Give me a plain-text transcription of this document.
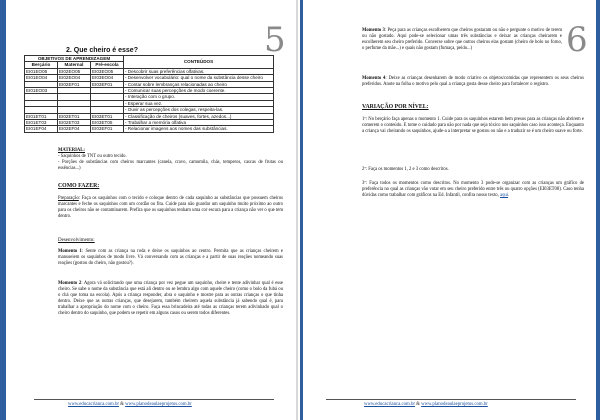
5
2. Que cheiro é esse?
OBJETIVOS DE APRENDIZAGEM			CONTEÚDOS
Berçário	Maternal	Pré-escola	
EI01EO05	EI02EO05	EI03EO05	- Descobrir suas preferências olfativas.
EI01EO04	EI02EO04	EI03EO04	- Desenvolver vocabulário: qual o nome da substância desse cheiro
	EI02EF01	EI03EF01	- Contar sobre lembranças relacionadas ao cheiro
EI01EO03			- Comunicar suas percepções de modo coerente.
			- Interação com o grupo.
			- Esperar sua vez.
			- Ouvir as percepções dos colegas, respeita-las.
EI01ET01	EI02ET01	EI03ET01	- Classificação de cheiros (suaves, fortes, azedos...)
EI01ET03	EI02ET03	EI03ET05	- Trabalhar a memória olfativa
EI01EF04	EI02EF04	EI03EF01	- Relacionar imagens aos nomes das substâncias.
MATERIAL:
- Saquinhos de TNT ou outro tecido.
- Porções de substâncias com cheiros marcantes (canela, cravo, camomila, chás, temperos, cascas de frutas ou essências...)
COMO FAZER:
Preparação: Faça os saquinhos com o tecido e coloque dentro de cada saquinho as substâncias que possuem cheiros marcantes e feche os saquinhos com um cordão ou fita. Cuide para não guardar um saquinho muito próximo ao outro para os cheiros não se contaminarem. Prefira que os saquinhos tenham uma cor escura para a criança não ver o que tem dentro.
Desenvolvimento:
Momento 1: Sente com as criança na roda e deixe os saquinhos ao centro. Permita que as crianças cheirem e manuseiem os saquinhos de modo livre. Vá conversando com as crianças e a partir de suas reações nomeando suas reações (gostou do cheiro, não gostou?).
Momento 2: Agora vá solicitando que uma criança por vez pegue um saquinho, cheire e tente adivinhar qual é esse cheiro. Se sabe o nome da substância que está ali dentro ou se lembra algo com aquele cheiro (como o bolo da fubá ou o chá que toma na escola). Após a criança responder, abra o saquinho e mostre para as outras crianças o que tinha dentro. Deixe que as outras crianças, que desejarem, também cheirem aquela substância já sabendo qual é, para trabalhar a apropriação do nome com o cheiro. Faça essa brincadeira até todas as crianças terem adivinhado qual o cheiro dentro do saquinho, que podem se repetir em alguns casos ou serem todos diferentes.
www.educacrianca.com.br & www.planodeaulaeprojetos.com.br
6
Momento 3: Peça para as crianças escolherem que cheiros gostaram ou não e pergunte o motivo de terem ou não gostado. Aqui pode-se selecionar umas três substâncias e deixar as crianças cheirarem e escolherem seu cheiro preferido. Converse sobre que outros cheiros elas gostam (cheiro de bolo no forno, o perfume da mãe...) e quais não gostam (fumaça, peido...)
Momento 4: Deixe as crianças desenharem de modo criativo os objetos/comidas que representem os seus cheiros preferidos. Anote na folha o motivo pelo qual a criança gosta desse cheiro para fortalecer o registro.
VARIAÇÃO POR NÍVEL:
1º: No berçário faça apenas o momento 1. Cuide para os saquinhos estarem bem presos para as crianças não abrirem e comerem o conteúdo. E tome o cuidado para não por nada que seja tóxico nos saquinhos caso isso aconteça. Enquanto a criança vai cheirando os saquinhos, ajude-a a interpretar se gostou ou não e a traduzir se é um cheiro suave ou forte.
2º: Faça os momentos 1, 2 e 3 como descritos.
3º: Faça todos os momentos como descritos. No momento 3 pode-se organizar com as crianças um gráfico de preferência no qual as crianças vão votar em seu cheiro preferido entre três ou quatro opções (EI03ET08). Caso tenha dúvidas como trabalhar com gráficos na Ed. Infantil, confira nosso texto, aqui.
www.educacrianca.com.br & www.planodeaulaeprojetos.com.br
